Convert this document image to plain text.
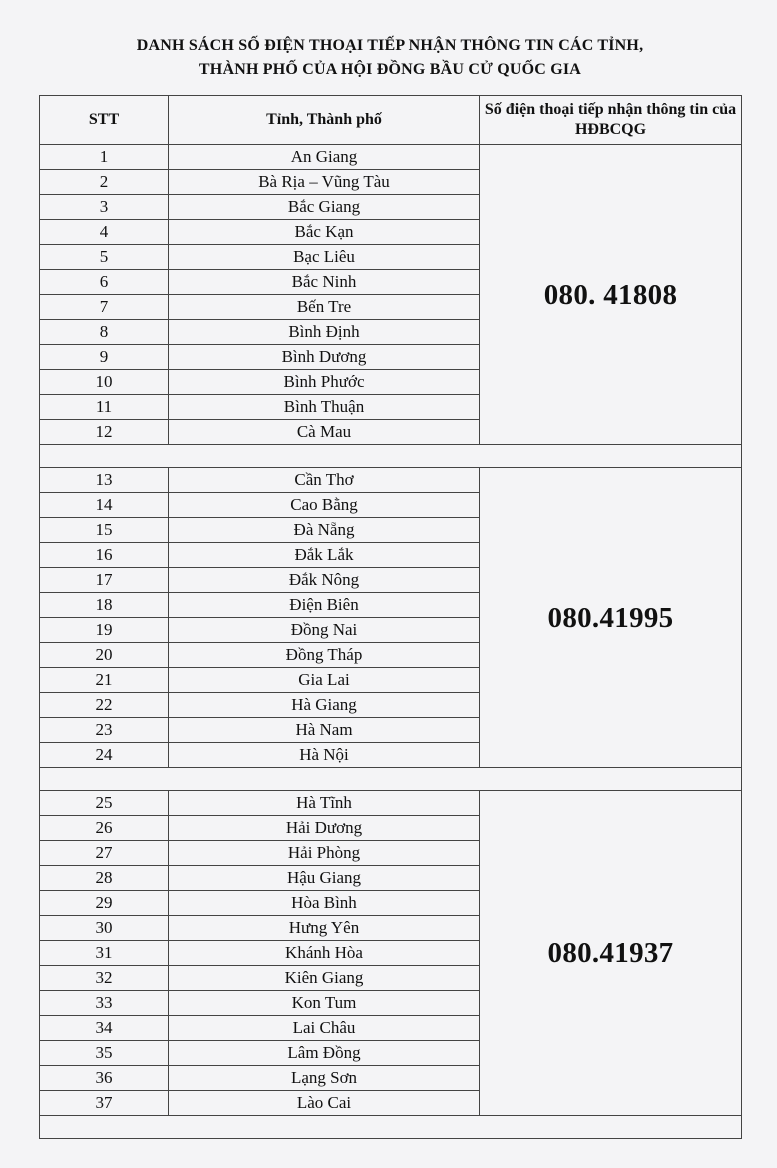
DANH SÁCH SỐ ĐIỆN THOẠI TIẾP NHẬN THÔNG TIN CÁC TỈNH,
THÀNH PHỐ CỦA HỘI ĐỒNG BẦU CỬ QUỐC GIA
STT	Tỉnh, Thành phố	Số điện thoại tiếp nhận thông tin của HĐBCQG
1	An Giang	080. 41808
2	Bà Rịa – Vũng Tàu	
3	Bắc Giang	
4	Bắc Kạn	
5	Bạc Liêu	
6	Bắc Ninh	
7	Bến Tre	
8	Bình Định	
9	Bình Dương	
10	Bình Phước	
11	Bình Thuận	
12	Cà Mau	

13	Cần Thơ	080.41995
14	Cao Bằng	
15	Đà Nẵng	
16	Đắk Lắk	
17	Đắk Nông	
18	Điện Biên	
19	Đồng Nai	
20	Đồng Tháp	
21	Gia Lai	
22	Hà Giang	
23	Hà Nam	
24	Hà Nội	

25	Hà Tĩnh	080.41937
26	Hải Dương	
27	Hải Phòng	
28	Hậu Giang	
29	Hòa Bình	
30	Hưng Yên	
31	Khánh Hòa	
32	Kiên Giang	
33	Kon Tum	
34	Lai Châu	
35	Lâm Đồng	
36	Lạng Sơn	
37	Lào Cai	
